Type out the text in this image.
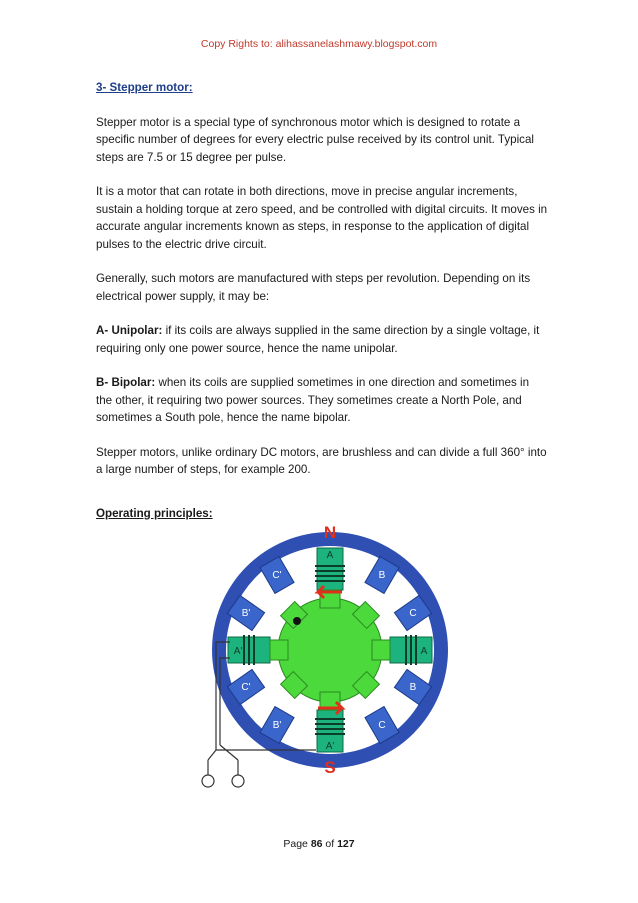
Copy Rights to: alihassanelashmawy.blogspot.com
3- Stepper motor:

Stepper motor is a special type of synchronous motor which is designed to rotate a specific number of degrees for every electric pulse received by its control unit. Typical steps are 7.5 or 15 degree per pulse.

It is a motor that can rotate in both directions, move in precise angular increments, sustain a holding torque at zero speed, and be controlled with digital circuits. It moves in accurate angular increments known as steps, in response to the application of digital pulses to the electric drive circuit.

Generally, such motors are manufactured with steps per revolution. Depending on its electrical power supply, it may be:

A- Unipolar: if its coils are always supplied in the same direction by a single voltage, it requiring only one power source, hence the name unipolar.

B- Bipolar: when its coils are supplied sometimes in one direction and sometimes in the other, it requiring two power sources. They sometimes create a North Pole, and sometimes a South pole, hence the name bipolar.

Stepper motors, unlike ordinary DC motors, are brushless and can divide a full 360° into a large number of steps, for example 200.

Operating principles:
A
A'
A'	A
B
C
B
C
C'
B'
C'
B'
N
S
Page 86 of 127
